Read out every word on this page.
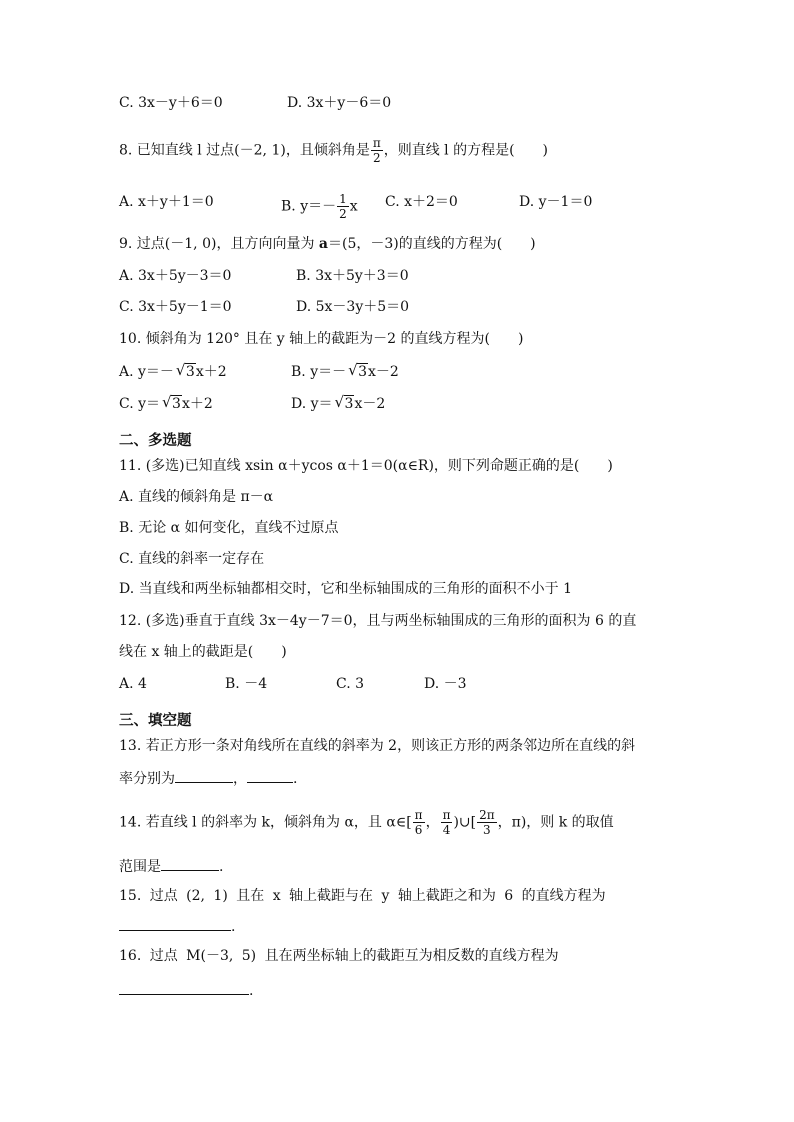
C. 3x－y＋6＝0	D. 3x＋y－6＝0
8. 已知直线 l 过点(－2, 1)，且倾斜角是 $\frac{\pi}{2}$ ，则直线 l 的方程是(　　)
A. x＋y＋1＝0	B. $y=- \frac{1}{2}$ x C. x＋2＝0	D. y－1＝0
9. 过点(－1, 0)，且方向向量为 a＝(5，－3)的直线的方程为(　　)
A. 3x＋5y－3＝0	B. 3x＋5y＋3＝0
C. 3x＋5y－1＝0	D. 5x－3y＋5＝0
10. 倾斜角为 120° 且在 y 轴上的截距为－2 的直线方程为(　　)
A. y＝－ √ 3x＋2	B. y＝－ √ 3x－2
C. y＝ √ 3x＋2	D. y＝ √ 3x－2
二、多选题
11. (多选)已知直线 xsin α＋ycos α＋1＝0(α∈R)，则下列命题正确的是(　　)
A. 直线的倾斜角是 π－α
B. 无论 α 如何变化，直线不过原点
C. 直线的斜率一定存在
D. 当直线和两坐标轴都相交时，它和坐标轴围成的三角形的面积不小于 1
12. (多选)垂直于直线 3x－4y－7＝0，且与两坐标轴围成的三角形的面积为 6 的直
线在 x 轴上的截距是(　　)
A. 4	B. －4	C. 3	D. －3
三、填空题
13. 若正方形一条对角线所在直线的斜率为 2，则该正方形的两条邻边所在直线的斜
率分别为	，	.
14. 若直线 l 的斜率为 k，倾斜角为 α，且 α∈[ $\frac{\pi}{6}$ ， $\frac{\pi}{4}$ )∪[ $\frac{2\pi}{3}$ ，π)，则 k 的取值
范围是	.
15. 过点 (2, 1) 且在 x 轴上截距与在 y 轴上截距之和为 6 的直线方程为
.
16. 过点 M(－3, 5) 且在两坐标轴上的截距互为相反数的直线方程为
.
